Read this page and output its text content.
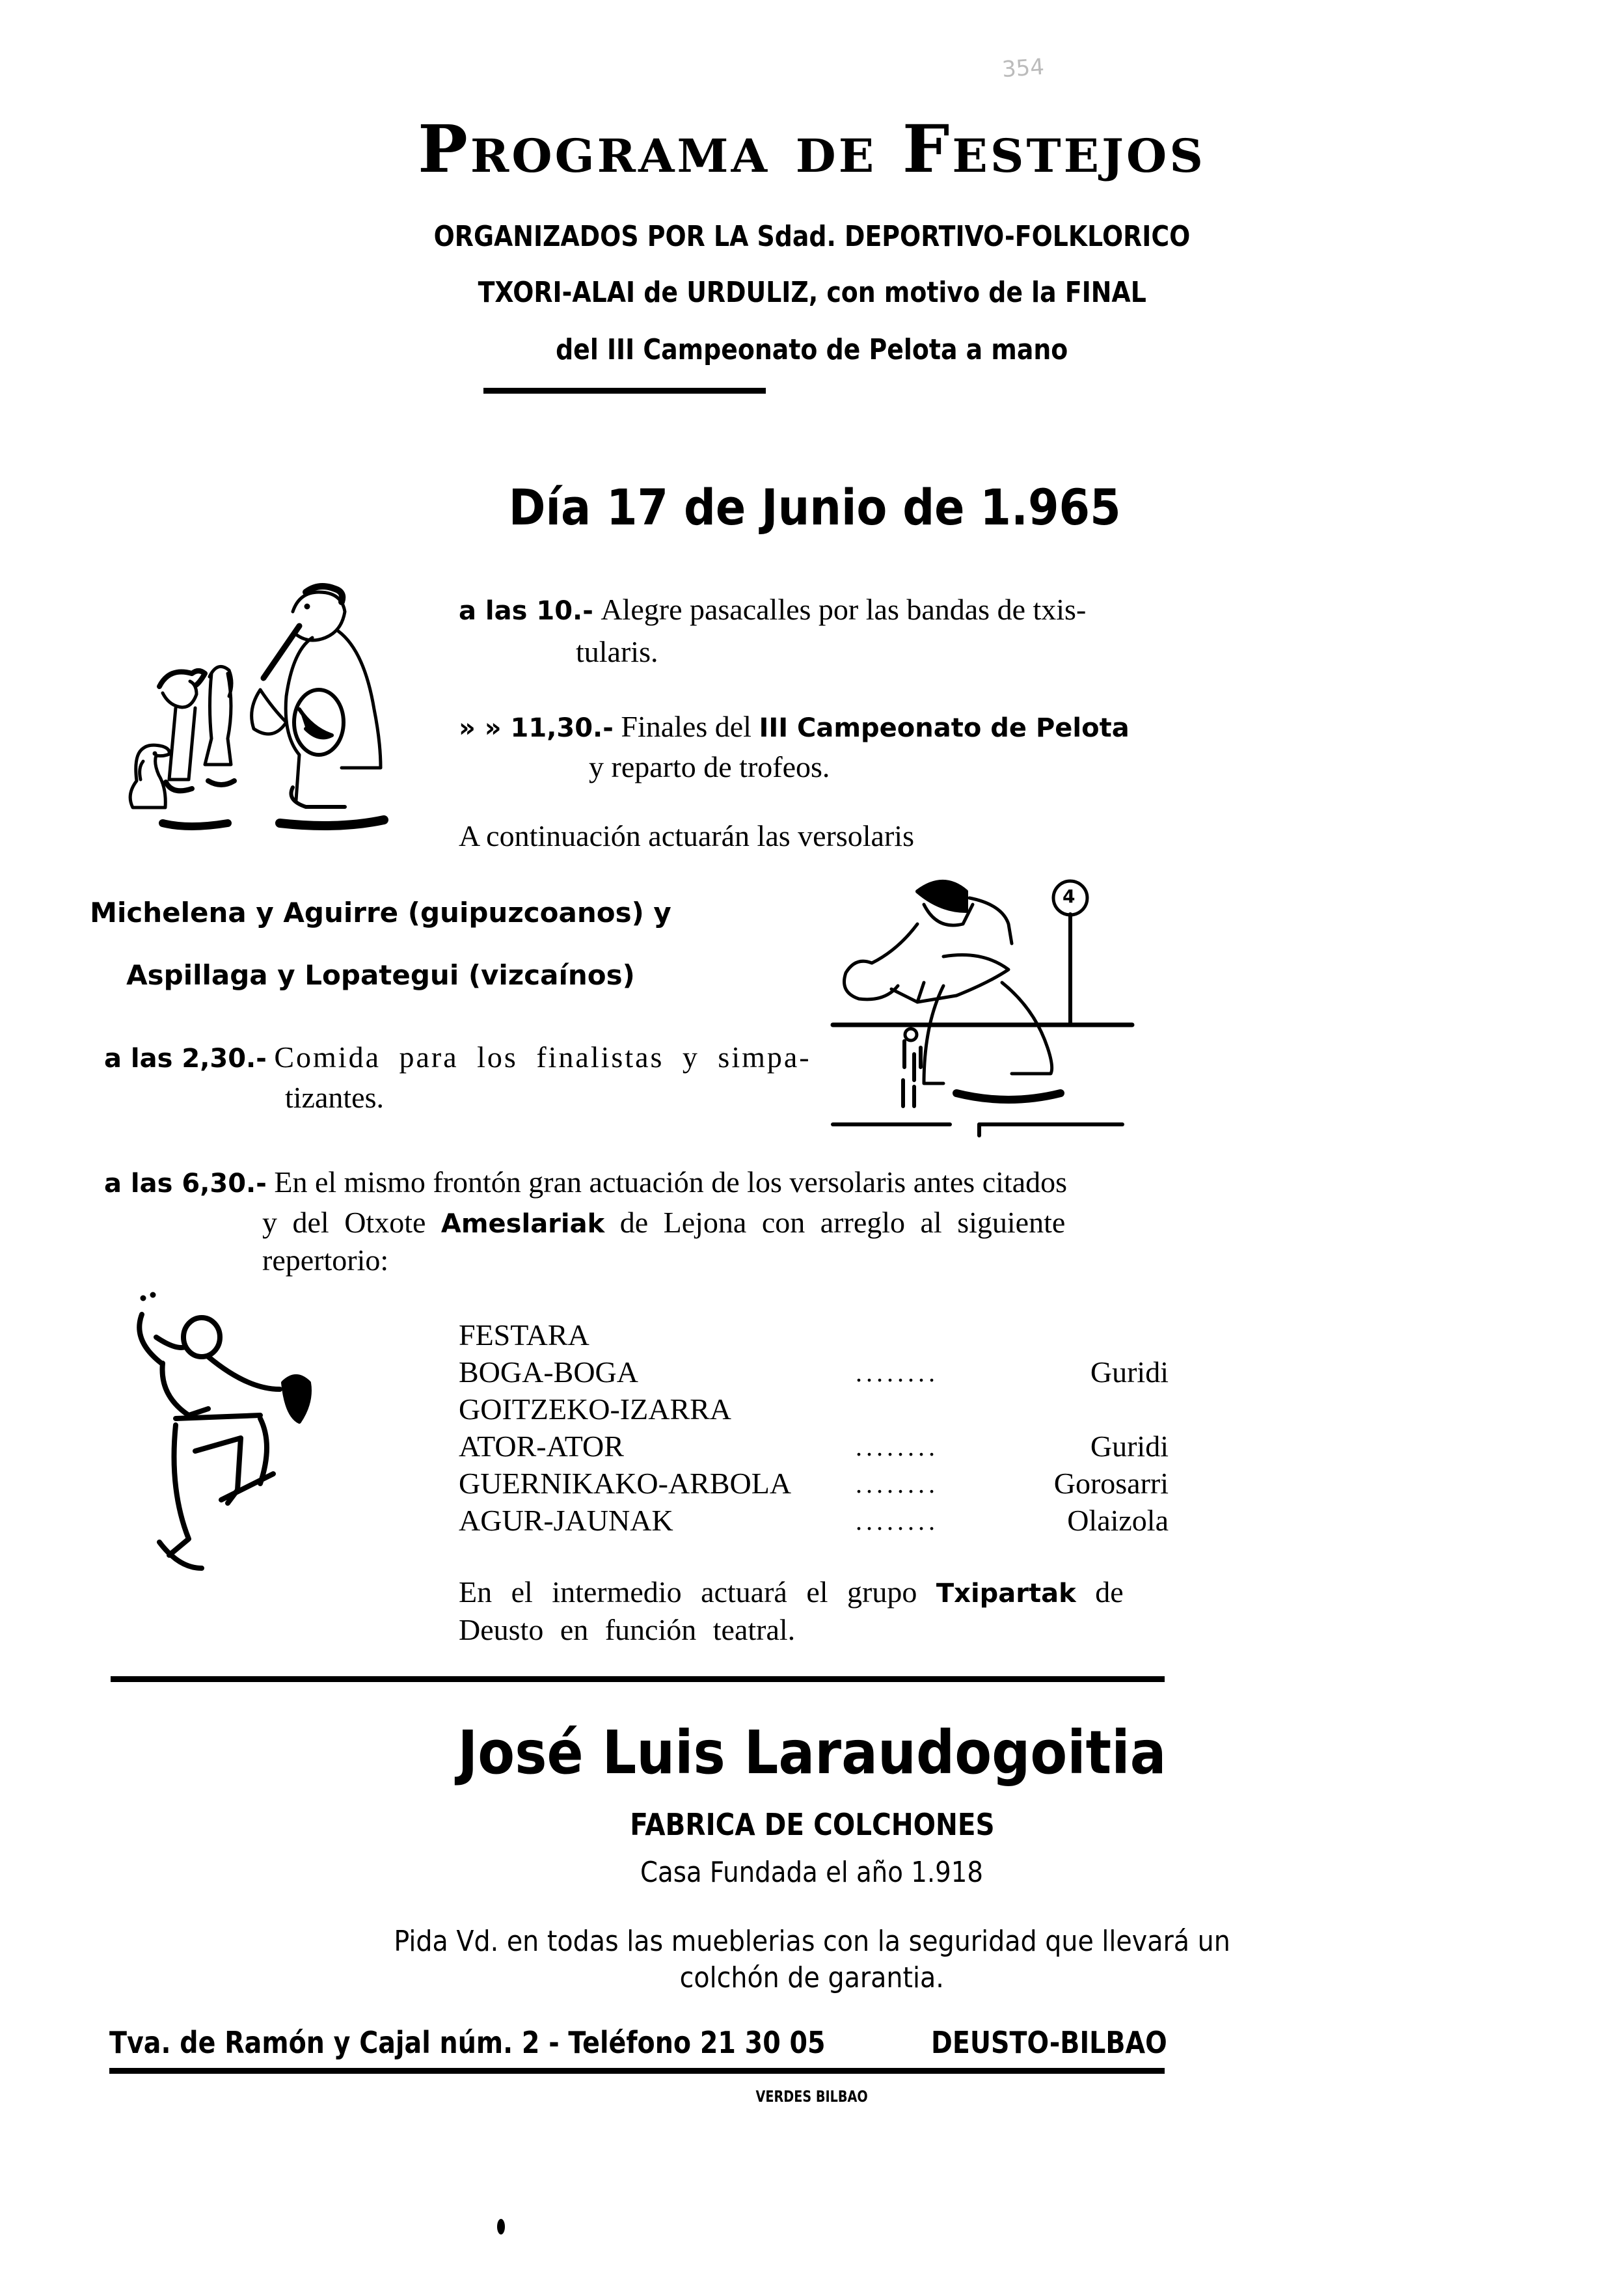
354
Programa de Festejos
ORGANIZADOS POR LA Sdad. DEPORTIVO-FOLKLORICO
TXORI-ALAI de URDULIZ, con motivo de la FINAL
del III Campeonato de Pelota a mano
Día 17 de Junio de 1.965
a las 10.- Alegre pasacalles por las bandas de txis-
tularis.
» » 11,30.- Finales del III Campeonato de Pelota
y reparto de trofeos.
A continuación actuarán las versolaris
Michelena y Aguirre (guipuzcoanos) y
Aspillaga y Lopategui (vizcaínos)
4
a las 2,30.- Comida para los finalistas y simpa-
tizantes.
a las 6,30.- En el mismo frontón gran actuación de los versolaris antes citados
y del Otxote Ameslariak de Lejona con arreglo al siguiente
repertorio:
FESTARA
BOGA-BOGA	........	Guridi
GOITZEKO-IZARRA
ATOR-ATOR	........	Guridi
GUERNIKAKO-ARBOLA ........	Gorosarri
AGUR-JAUNAK	........	Olaizola
En el intermedio actuará el grupo Txipartak de
Deusto en función teatral.
José Luis Laraudogoitia
FABRICA DE COLCHONES
Casa Fundada el año 1.918
Pida Vd. en todas las mueblerias con la seguridad que llevará un
colchón de garantia.
Tva. de Ramón y Cajal núm. 2 - Teléfono 21 30 05	DEUSTO-BILBAO
VERDES BILBAO
